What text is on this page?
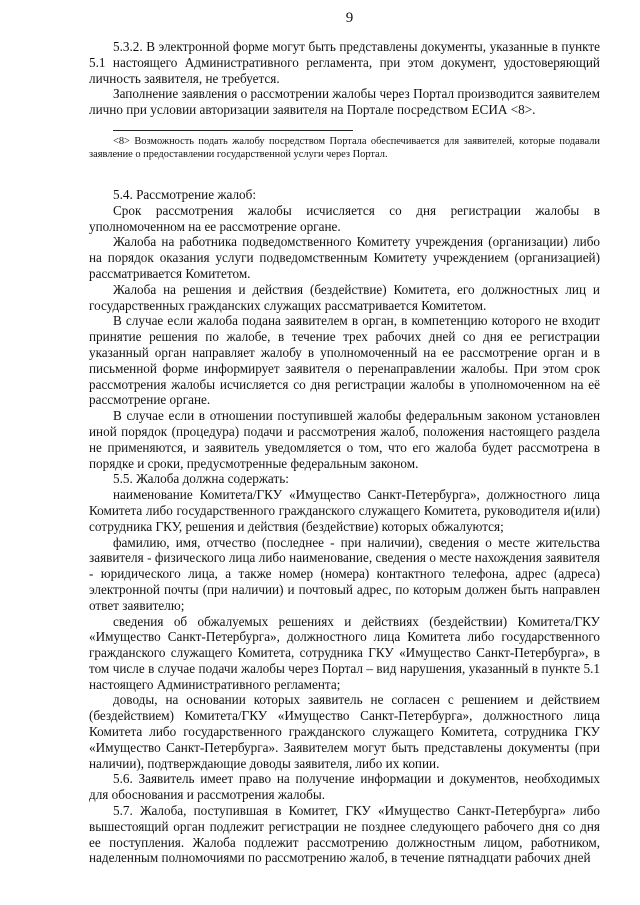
9

5.3.2. В электронной форме могут быть представлены документы, указанные в пункте 5.1 настоящего Административного регламента, при этом документ, удостоверяющий личность заявителя, не требуется.

Заполнение заявления о рассмотрении жалобы через Портал производится заявителем лично при условии авторизации заявителя на Портале посредством ЕСИА <8>.

<8> Возможность подать жалобу посредством Портала обеспечивается для заявителей, которые подавали заявление о предоставлении государственной услуги через Портал.

5.4. Рассмотрение жалоб:

Срок рассмотрения жалобы исчисляется со дня регистрации жалобы в уполномоченном на ее рассмотрение органе.

Жалоба на работника подведомственного Комитету учреждения (организации) либо на порядок оказания услуги подведомственным Комитету учреждением (организацией) рассматривается Комитетом.

Жалоба на решения и действия (бездействие) Комитета, его должностных лиц и государственных гражданских служащих рассматривается Комитетом.

В случае если жалоба подана заявителем в орган, в компетенцию которого не входит принятие решения по жалобе, в течение трех рабочих дней со дня ее регистрации указанный орган направляет жалобу в уполномоченный на ее рассмотрение орган и в письменной форме информирует заявителя о перенаправлении жалобы. При этом срок рассмотрения жалобы исчисляется со дня регистрации жалобы в уполномоченном на её рассмотрение органе.

В случае если в отношении поступившей жалобы федеральным законом установлен иной порядок (процедура) подачи и рассмотрения жалоб, положения настоящего раздела не применяются, и заявитель уведомляется о том, что его жалоба будет рассмотрена в порядке и сроки, предусмотренные федеральным законом.

5.5. Жалоба должна содержать:

наименование Комитета/ГКУ «Имущество Санкт-Петербурга», должностного лица Комитета либо государственного гражданского служащего Комитета, руководителя и(или) сотрудника ГКУ, решения и действия (бездействие) которых обжалуются;

фамилию, имя, отчество (последнее - при наличии), сведения о месте жительства заявителя - физического лица либо наименование, сведения о месте нахождения заявителя - юридического лица, а также номер (номера) контактного телефона, адрес (адреса) электронной почты (при наличии) и почтовый адрес, по которым должен быть направлен ответ заявителю;

сведения об обжалуемых решениях и действиях (бездействии) Комитета/ГКУ «Имущество Санкт-Петербурга», должностного лица Комитета либо государственного гражданского служащего Комитета, сотрудника ГКУ «Имущество Санкт-Петербурга», в том числе в случае подачи жалобы через Портал – вид нарушения, указанный в пункте 5.1 настоящего Административного регламента;

доводы, на основании которых заявитель не согласен с решением и действием (бездействием) Комитета/ГКУ «Имущество Санкт-Петербурга», должностного лица Комитета либо государственного гражданского служащего Комитета, сотрудника ГКУ «Имущество Санкт-Петербурга». Заявителем могут быть представлены документы (при наличии), подтверждающие доводы заявителя, либо их копии.

5.6. Заявитель имеет право на получение информации и документов, необходимых для обоснования и рассмотрения жалобы.

5.7. Жалоба, поступившая в Комитет, ГКУ «Имущество Санкт-Петербурга» либо вышестоящий орган подлежит регистрации не позднее следующего рабочего дня со дня ее поступления. Жалоба подлежит рассмотрению должностным лицом, работником, наделенным полномочиями по рассмотрению жалоб, в течение пятнадцати рабочих дней
